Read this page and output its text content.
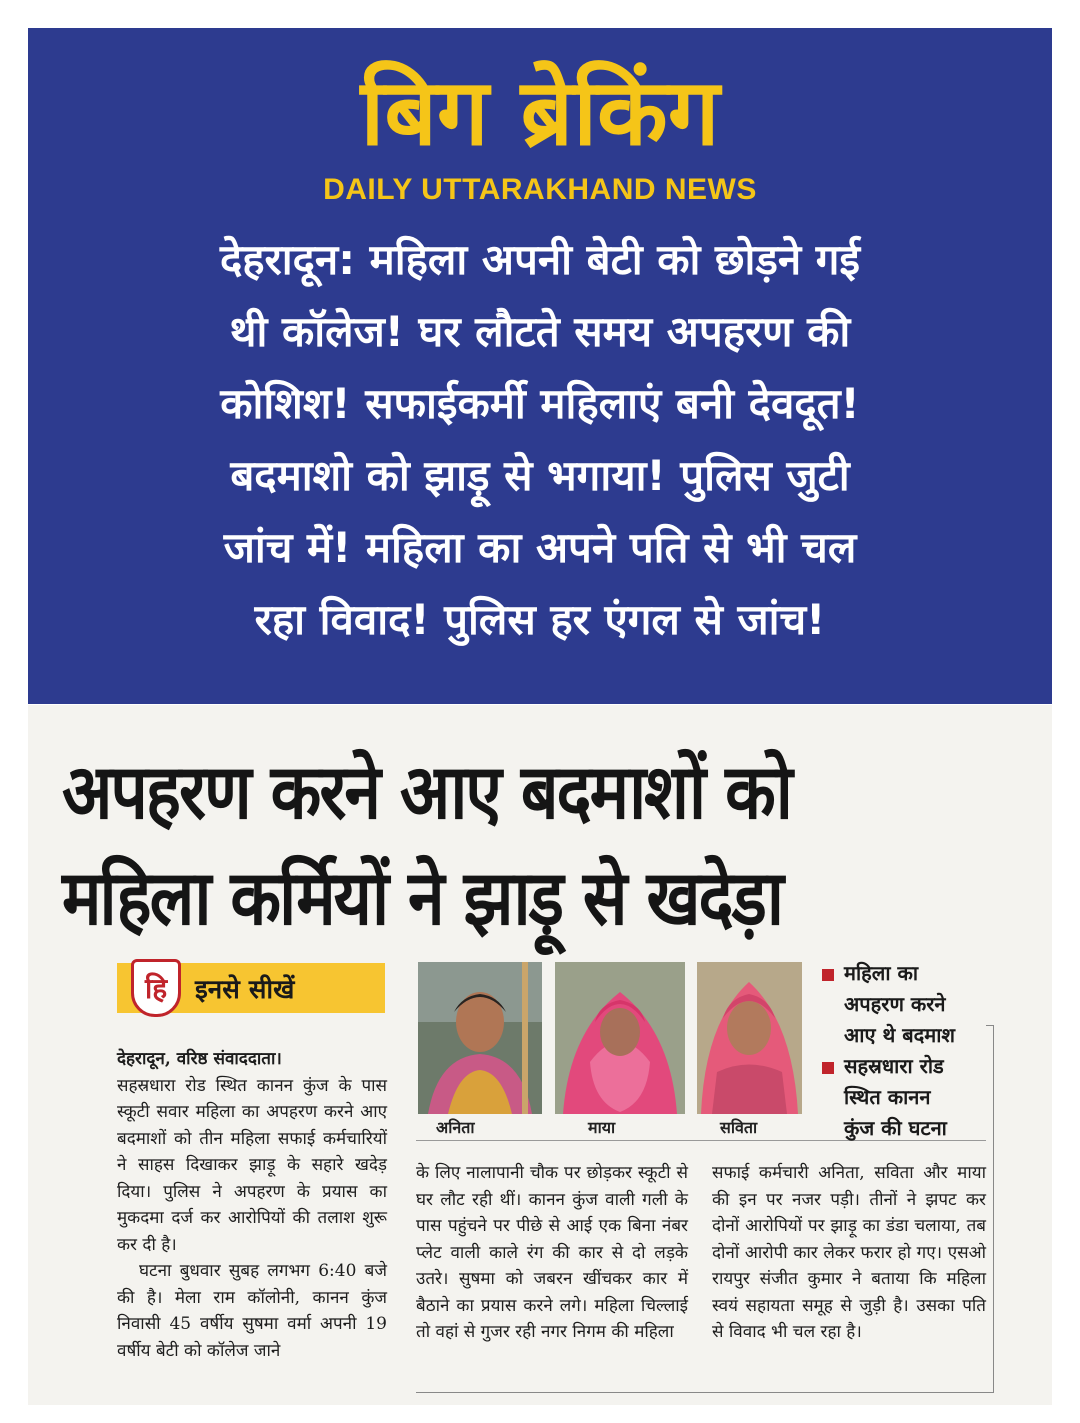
बिग ब्रेकिंग
DAILY UTTARAKHAND NEWS
देहरादून: महिला अपनी बेटी को छोड़ने गई
थी कॉलेज! घर लौटते समय अपहरण की
कोशिश! सफाईकर्मी महिलाएं बनी देवदूत!
बदमाशो को झाड़ू से भगाया! पुलिस जुटी
जांच में! महिला का अपने पति से भी चल
रहा विवाद! पुलिस हर एंगल से जांच!
अपहरण करने आए बदमाशों को
महिला कर्मियों ने झाड़ू से खदेड़ा
हि	इनसे सीखें
देहरादून, वरिष्ठ संवाददाता।
सहस्रधारा रोड स्थित कानन कुंज के पास स्कूटी सवार महिला का अपहरण करने आए बदमाशों को तीन महिला सफाई कर्मचारियों ने साहस दिखाकर झाड़ू के सहारे खदेड़ दिया। पुलिस ने अपहरण के प्रयास का मुकदमा दर्ज कर आरोपियों की तलाश शुरू कर दी है।
घटना बुधवार सुबह लगभग 6:40 बजे की है। मेला राम कॉलोनी, कानन कुंज निवासी 45 वर्षीय सुषमा वर्मा अपनी 19 वर्षीय बेटी को कॉलेज जाने
अनिता	माया	सविता
महिला का
अपहरण करने
आए थे बदमाश
सहस्रधारा रोड
स्थित कानन
कुंज की घटना
के लिए नालापानी चौक पर छोड़कर स्कूटी से घर लौट रही थीं। कानन कुंज वाली गली के पास पहुंचने पर पीछे से आई एक बिना नंबर प्लेट वाली काले रंग की कार से दो लड़के उतरे। सुषमा को जबरन खींचकर कार में बैठाने का प्रयास करने लगे। महिला चिल्लाई तो वहां से गुजर रही नगर निगम की महिला
सफाई कर्मचारी अनिता, सविता और माया की इन पर नजर पड़ी। तीनों ने झपट कर दोनों आरोपियों पर झाड़ू का डंडा चलाया, तब दोनों आरोपी कार लेकर फरार हो गए। एसओ रायपुर संजीत कुमार ने बताया कि महिला स्वयं सहायता समूह से जुड़ी है। उसका पति से विवाद भी चल रहा है।
